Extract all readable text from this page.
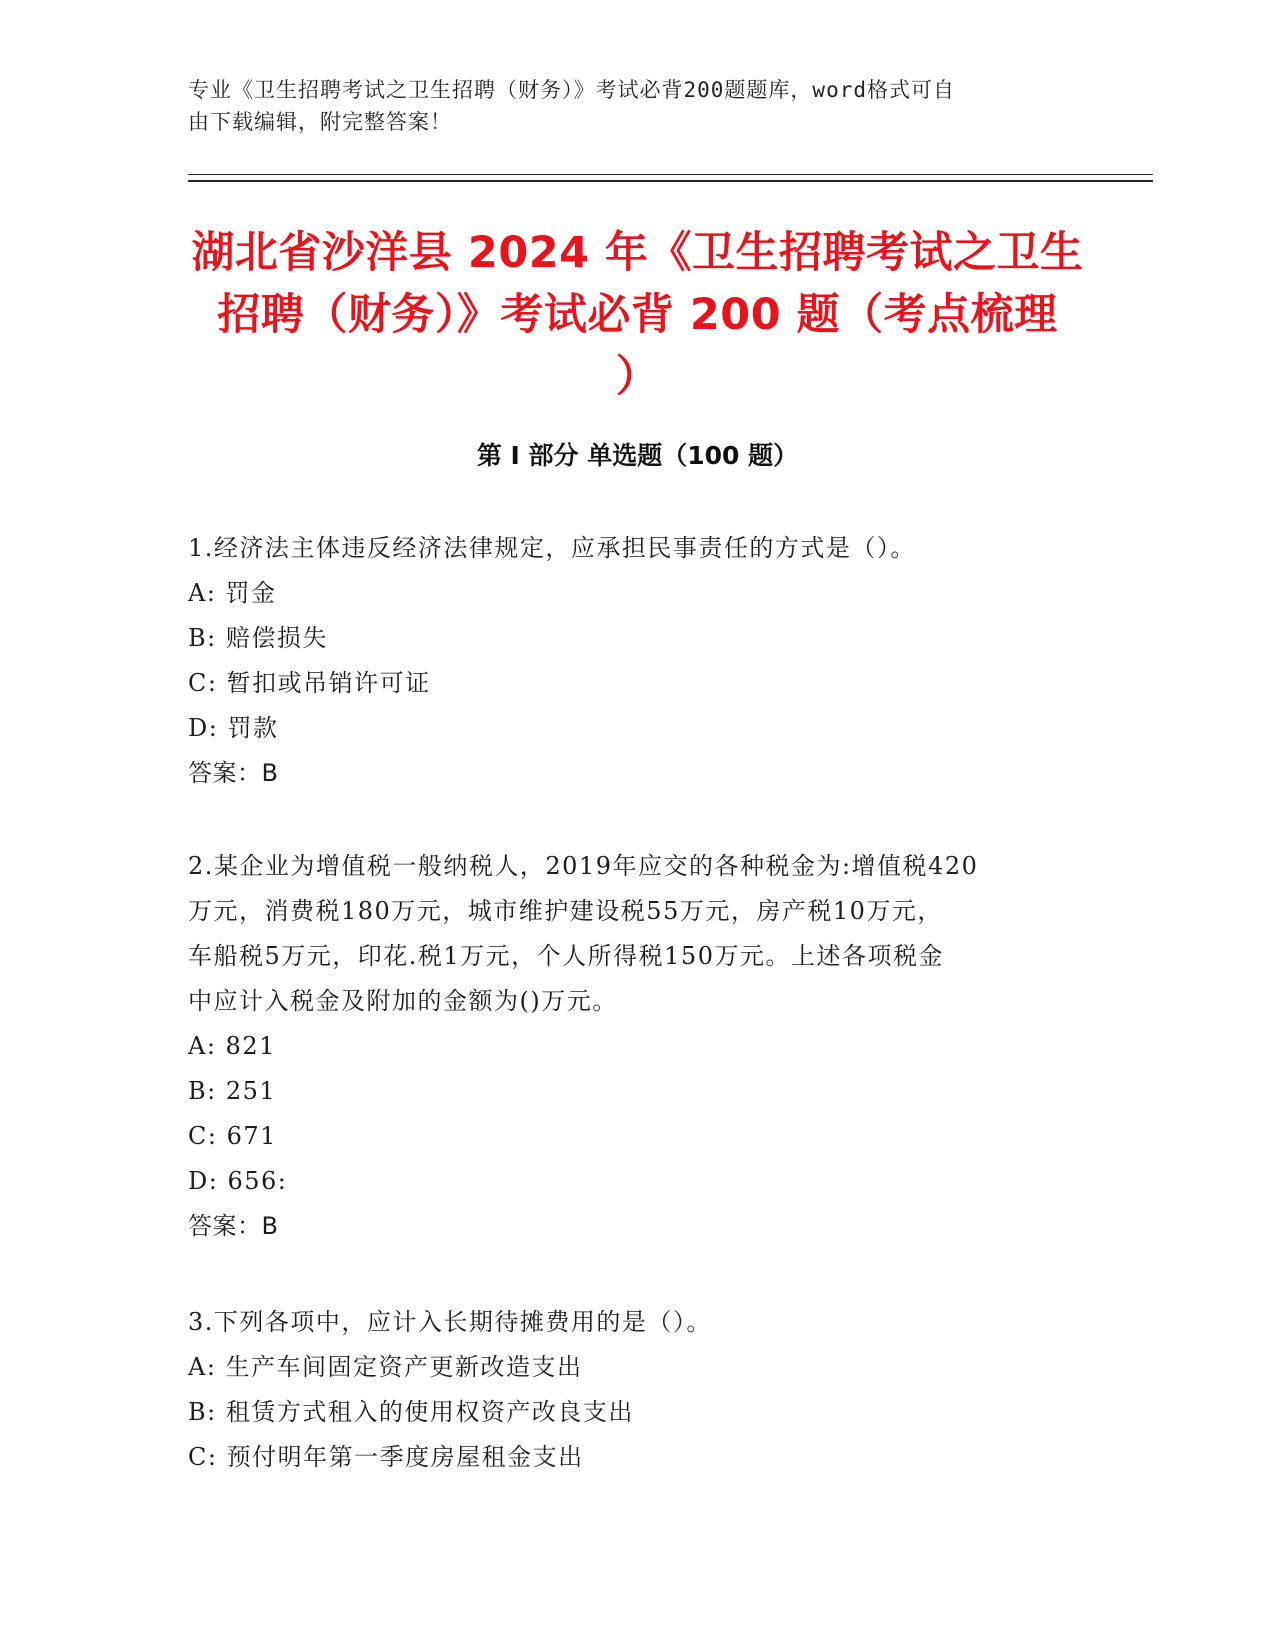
专业《卫生招聘考试之卫生招聘（财务）》考试必背200题题库，word格式可自
由下载编辑，附完整答案！
湖北省沙洋县 2024 年《卫生招聘考试之卫生
招聘（财务）》考试必背 200 题（考点梳理
）
第 I 部分 单选题（100 题）

1.经济法主体违反经济法律规定，应承担民事责任的方式是（）。

A: 罚金

B: 赔偿损失

C: 暂扣或吊销许可证

D: 罚款

答案：B

2.某企业为增值税一般纳税人，2019年应交的各种税金为:增值税420

万元，消费税180万元，城市维护建设税55万元，房产税10万元，

车船税5万元，印花.税1万元，个人所得税150万元。上述各项税金

中应计入税金及附加的金额为()万元。

A: 821

B: 251

C: 671

D: 656:

答案：B

3.下列各项中，应计入长期待摊费用的是（）。

A: 生产车间固定资产更新改造支出

B: 租赁方式租入的使用权资产改良支出

C: 预付明年第一季度房屋租金支出
